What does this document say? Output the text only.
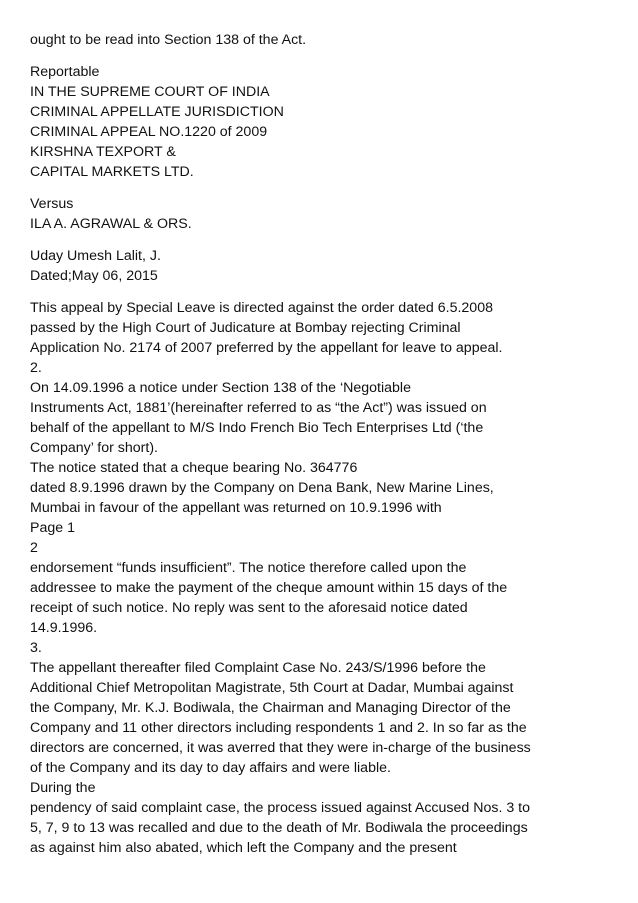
ought to be read into Section 138 of the Act.
Reportable
IN THE SUPREME COURT OF INDIA
CRIMINAL APPELLATE JURISDICTION
CRIMINAL APPEAL NO.1220 of 2009
KIRSHNA TEXPORT &
CAPITAL MARKETS LTD.
Versus
ILA A. AGRAWAL & ORS.
Uday Umesh Lalit, J.
Dated;May 06, 2015
This appeal by Special Leave is directed against the order dated 6.5.2008
passed by the High Court of Judicature at Bombay rejecting Criminal
Application No. 2174 of 2007 preferred by the appellant for leave to appeal.
2.
On 14.09.1996 a notice under Section 138 of the ‘Negotiable
Instruments Act, 1881’(hereinafter referred to as “the Act”) was issued on
behalf of the appellant to M/S Indo French Bio Tech Enterprises Ltd (‘the
Company’ for short).
The notice stated that a cheque bearing No. 364776
dated 8.9.1996 drawn by the Company on Dena Bank, New Marine Lines,
Mumbai in favour of the appellant was returned on 10.9.1996 with
Page 1
2
endorsement “funds insufficient”. The notice therefore called upon the
addressee to make the payment of the cheque amount within 15 days of the
receipt of such notice. No reply was sent to the aforesaid notice dated
14.9.1996.
3.
The appellant thereafter filed Complaint Case No. 243/S/1996 before the
Additional Chief Metropolitan Magistrate, 5th Court at Dadar, Mumbai against
the Company, Mr. K.J. Bodiwala, the Chairman and Managing Director of the
Company and 11 other directors including respondents 1 and 2. In so far as the
directors are concerned, it was averred that they were in-charge of the business
of the Company and its day to day affairs and were liable.
During the
pendency of said complaint case, the process issued against Accused Nos. 3 to
5, 7, 9 to 13 was recalled and due to the death of Mr. Bodiwala the proceedings
as against him also abated, which left the Company and the present
